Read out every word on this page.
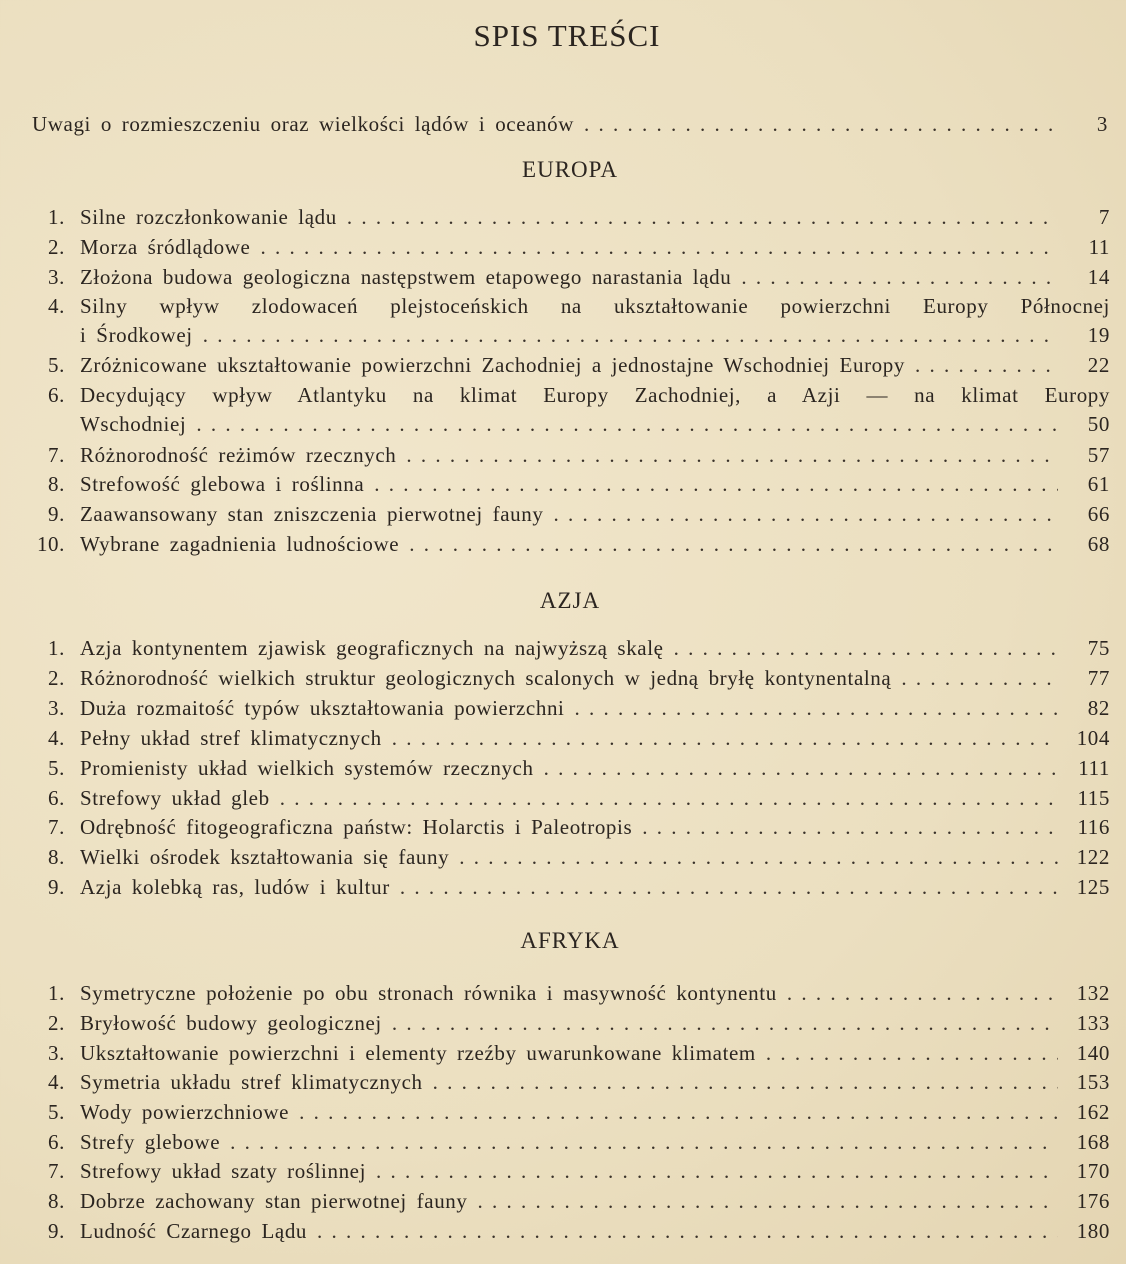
SPIS TREŚCI
Uwagi o rozmieszczeniu oraz wielkości lądów i oceanów . . .	3
EUROPA
1. Silne rozczłonkowanie lądu . . .	7
2. Morza śródlądowe . . .	11
3. Złożona budowa geologiczna następstwem etapowego narastania lądu . . .	14
4. Silny wpływ zlodowaceń plejstoceńskich na ukształtowanie powierzchni Europy Północnej
i Środkowej . . .	19
5. Zróżnicowane ukształtowanie powierzchni Zachodniej a jednostajne Wschodniej Europy . . .	22
6. Decydujący wpływ Atlantyku na klimat Europy Zachodniej, a Azji — na klimat Europy
Wschodniej . . .	50
7. Różnorodność reżimów rzecznych . . .	57
8. Strefowość glebowa i roślinna . . .	61
9. Zaawansowany stan zniszczenia pierwotnej fauny . . .	66
10. Wybrane zagadnienia ludnościowe . . .	68
AZJA
1. Azja kontynentem zjawisk geograficznych na najwyższą skalę . . .	75
2. Różnorodność wielkich struktur geologicznych scalonych w jedną bryłę kontynentalną . . .	77
3. Duża rozmaitość typów ukształtowania powierzchni . . .	82
4. Pełny układ stref klimatycznych . . .	104
5. Promienisty układ wielkich systemów rzecznych . . .	111
6. Strefowy układ gleb . . .	115
7. Odrębność fitogeograficzna państw: Holarctis i Paleotropis . . .	116
8. Wielki ośrodek kształtowania się fauny . . .	122
9. Azja kolebką ras, ludów i kultur . . .	125
AFRYKA
1. Symetryczne położenie po obu stronach równika i masywność kontynentu . . .	132
2. Bryłowość budowy geologicznej . . .	133
3. Ukształtowanie powierzchni i elementy rzeźby uwarunkowane klimatem . . .	140
4. Symetria układu stref klimatycznych . . .	153
5. Wody powierzchniowe . . .	162
6. Strefy glebowe . . .	168
7. Strefowy układ szaty roślinnej . . .	170
8. Dobrze zachowany stan pierwotnej fauny . . .	176
9. Ludność Czarnego Lądu . . .	180
